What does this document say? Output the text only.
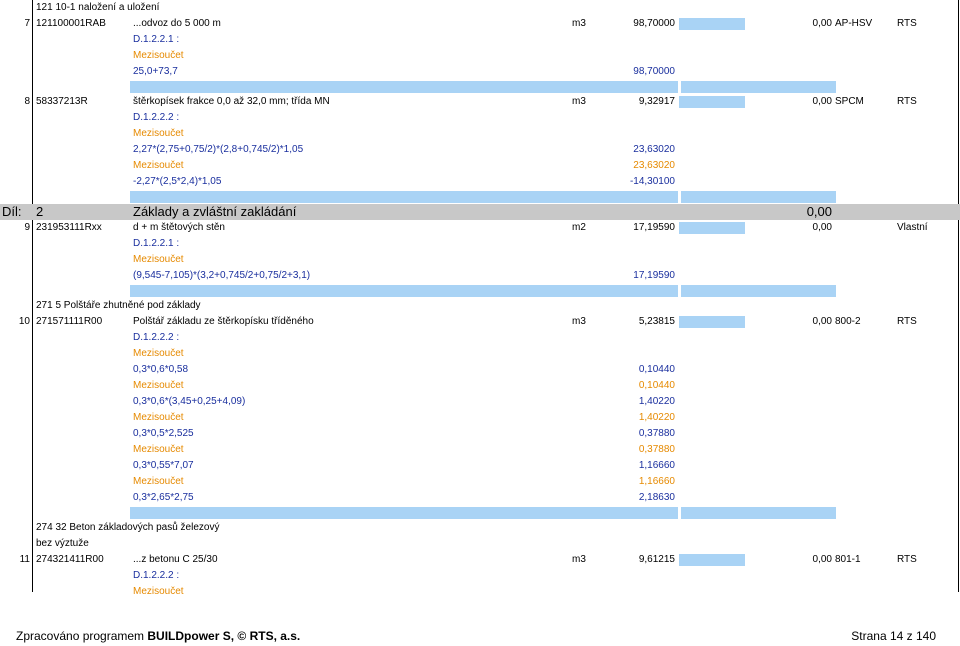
121 10-1 naložení a uložení
7 121100001RAB	...odvoz do 5 000 m	m3	98,70000	0,00 AP-HSV RTS
D.1.2.2.1 :
Mezisoučet
25,0+73,7	98,70000
8 58337213R	štěrkopísek frakce 0,0 až 32,0 mm; třída MN	m3	9,32917	0,00 SPCM	RTS
D.1.2.2.2 :
Mezisoučet
2,27*(2,75+0,75/2)*(2,8+0,745/2)*1,05	23,63020
Mezisoučet	23,63020
-2,27*(2,5*2,4)*1,05	-14,30100
Díl: 2	Základy a zvláštní zakládání	0,00
9 231953111Rxx	d + m štětových stěn	m2	17,19590	0,00	Vlastní
D.1.2.2.1 :
Mezisoučet
(9,545-7,105)*(3,2+0,745/2+0,75/2+3,1)	17,19590
271 5 Polštáře zhutněné pod základy
10 271571111R00	Polštář základu ze štěrkopísku tříděného	m3	5,23815	0,00 800-2	RTS
D.1.2.2.2 :
Mezisoučet
0,3*0,6*0,58	0,10440
Mezisoučet	0,10440
0,3*0,6*(3,45+0,25+4,09)	1,40220
Mezisoučet	1,40220
0,3*0,5*2,525	0,37880
Mezisoučet	0,37880
0,3*0,55*7,07	1,16660
Mezisoučet	1,16660
0,3*2,65*2,75	2,18630
274 32 Beton základových pasů železový
bez výztuže
11 274321411R00	...z betonu C 25/30	m3	9,61215	0,00 801-1	RTS
D.1.2.2.2 :
Mezisoučet
Zpracováno programem BUILDpower S, © RTS, a.s.	Strana 14 z 140
